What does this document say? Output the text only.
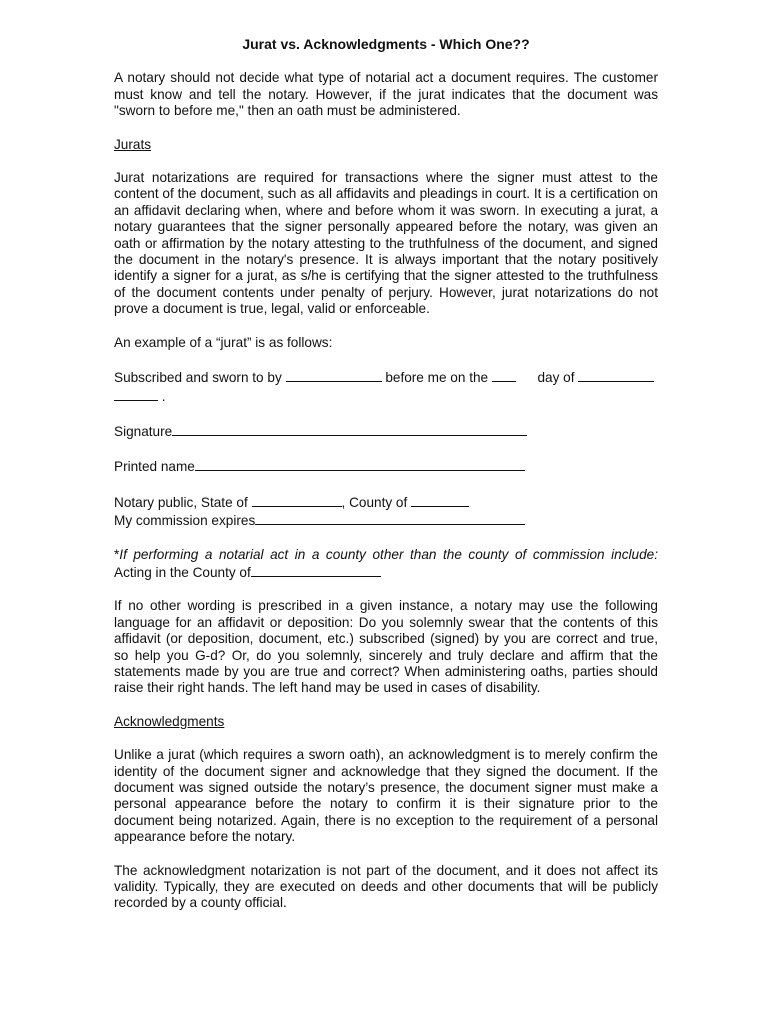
Jurat vs. Acknowledgments - Which One??

A notary should not decide what type of notarial act a document requires. The customer must know and tell the notary. However, if the jurat indicates that the document was "sworn to before me," then an oath must be administered.

Jurats

Jurat notarizations are required for transactions where the signer must attest to the content of the document, such as all affidavits and pleadings in court. It is a certification on an affidavit declaring when, where and before whom it was sworn. In executing a jurat, a notary guarantees that the signer personally appeared before the notary, was given an oath or affirmation by the notary attesting to the truthfulness of the document, and signed the document in the notary's presence. It is always important that the notary positively identify a signer for a jurat, as s/he is certifying that the signer attested to the truthfulness of the document contents under penalty of perjury. However, jurat notarizations do not prove a document is true, legal, valid or enforceable.

An example of a “jurat” is as follows:

Subscribed and sworn to by	before me on the	day of
.
Signature
Printed name
Notary public, State of	, County of
My commission expires

*If performing a notarial act in a county other than the county of commission include: Acting in the County of

If no other wording is prescribed in a given instance, a notary may use the following language for an affidavit or deposition: Do you solemnly swear that the contents of this affidavit (or deposition, document, etc.) subscribed (signed) by you are correct and true, so help you G-d? Or, do you solemnly, sincerely and truly declare and affirm that the statements made by you are true and correct? When administering oaths, parties should raise their right hands. The left hand may be used in cases of disability.

Acknowledgments

Unlike a jurat (which requires a sworn oath), an acknowledgment is to merely confirm the identity of the document signer and acknowledge that they signed the document. If the document was signed outside the notary’s presence, the document signer must make a personal appearance before the notary to confirm it is their signature prior to the document being notarized. Again, there is no exception to the requirement of a personal appearance before the notary.

The acknowledgment notarization is not part of the document, and it does not affect its validity. Typically, they are executed on deeds and other documents that will be publicly recorded by a county official.
